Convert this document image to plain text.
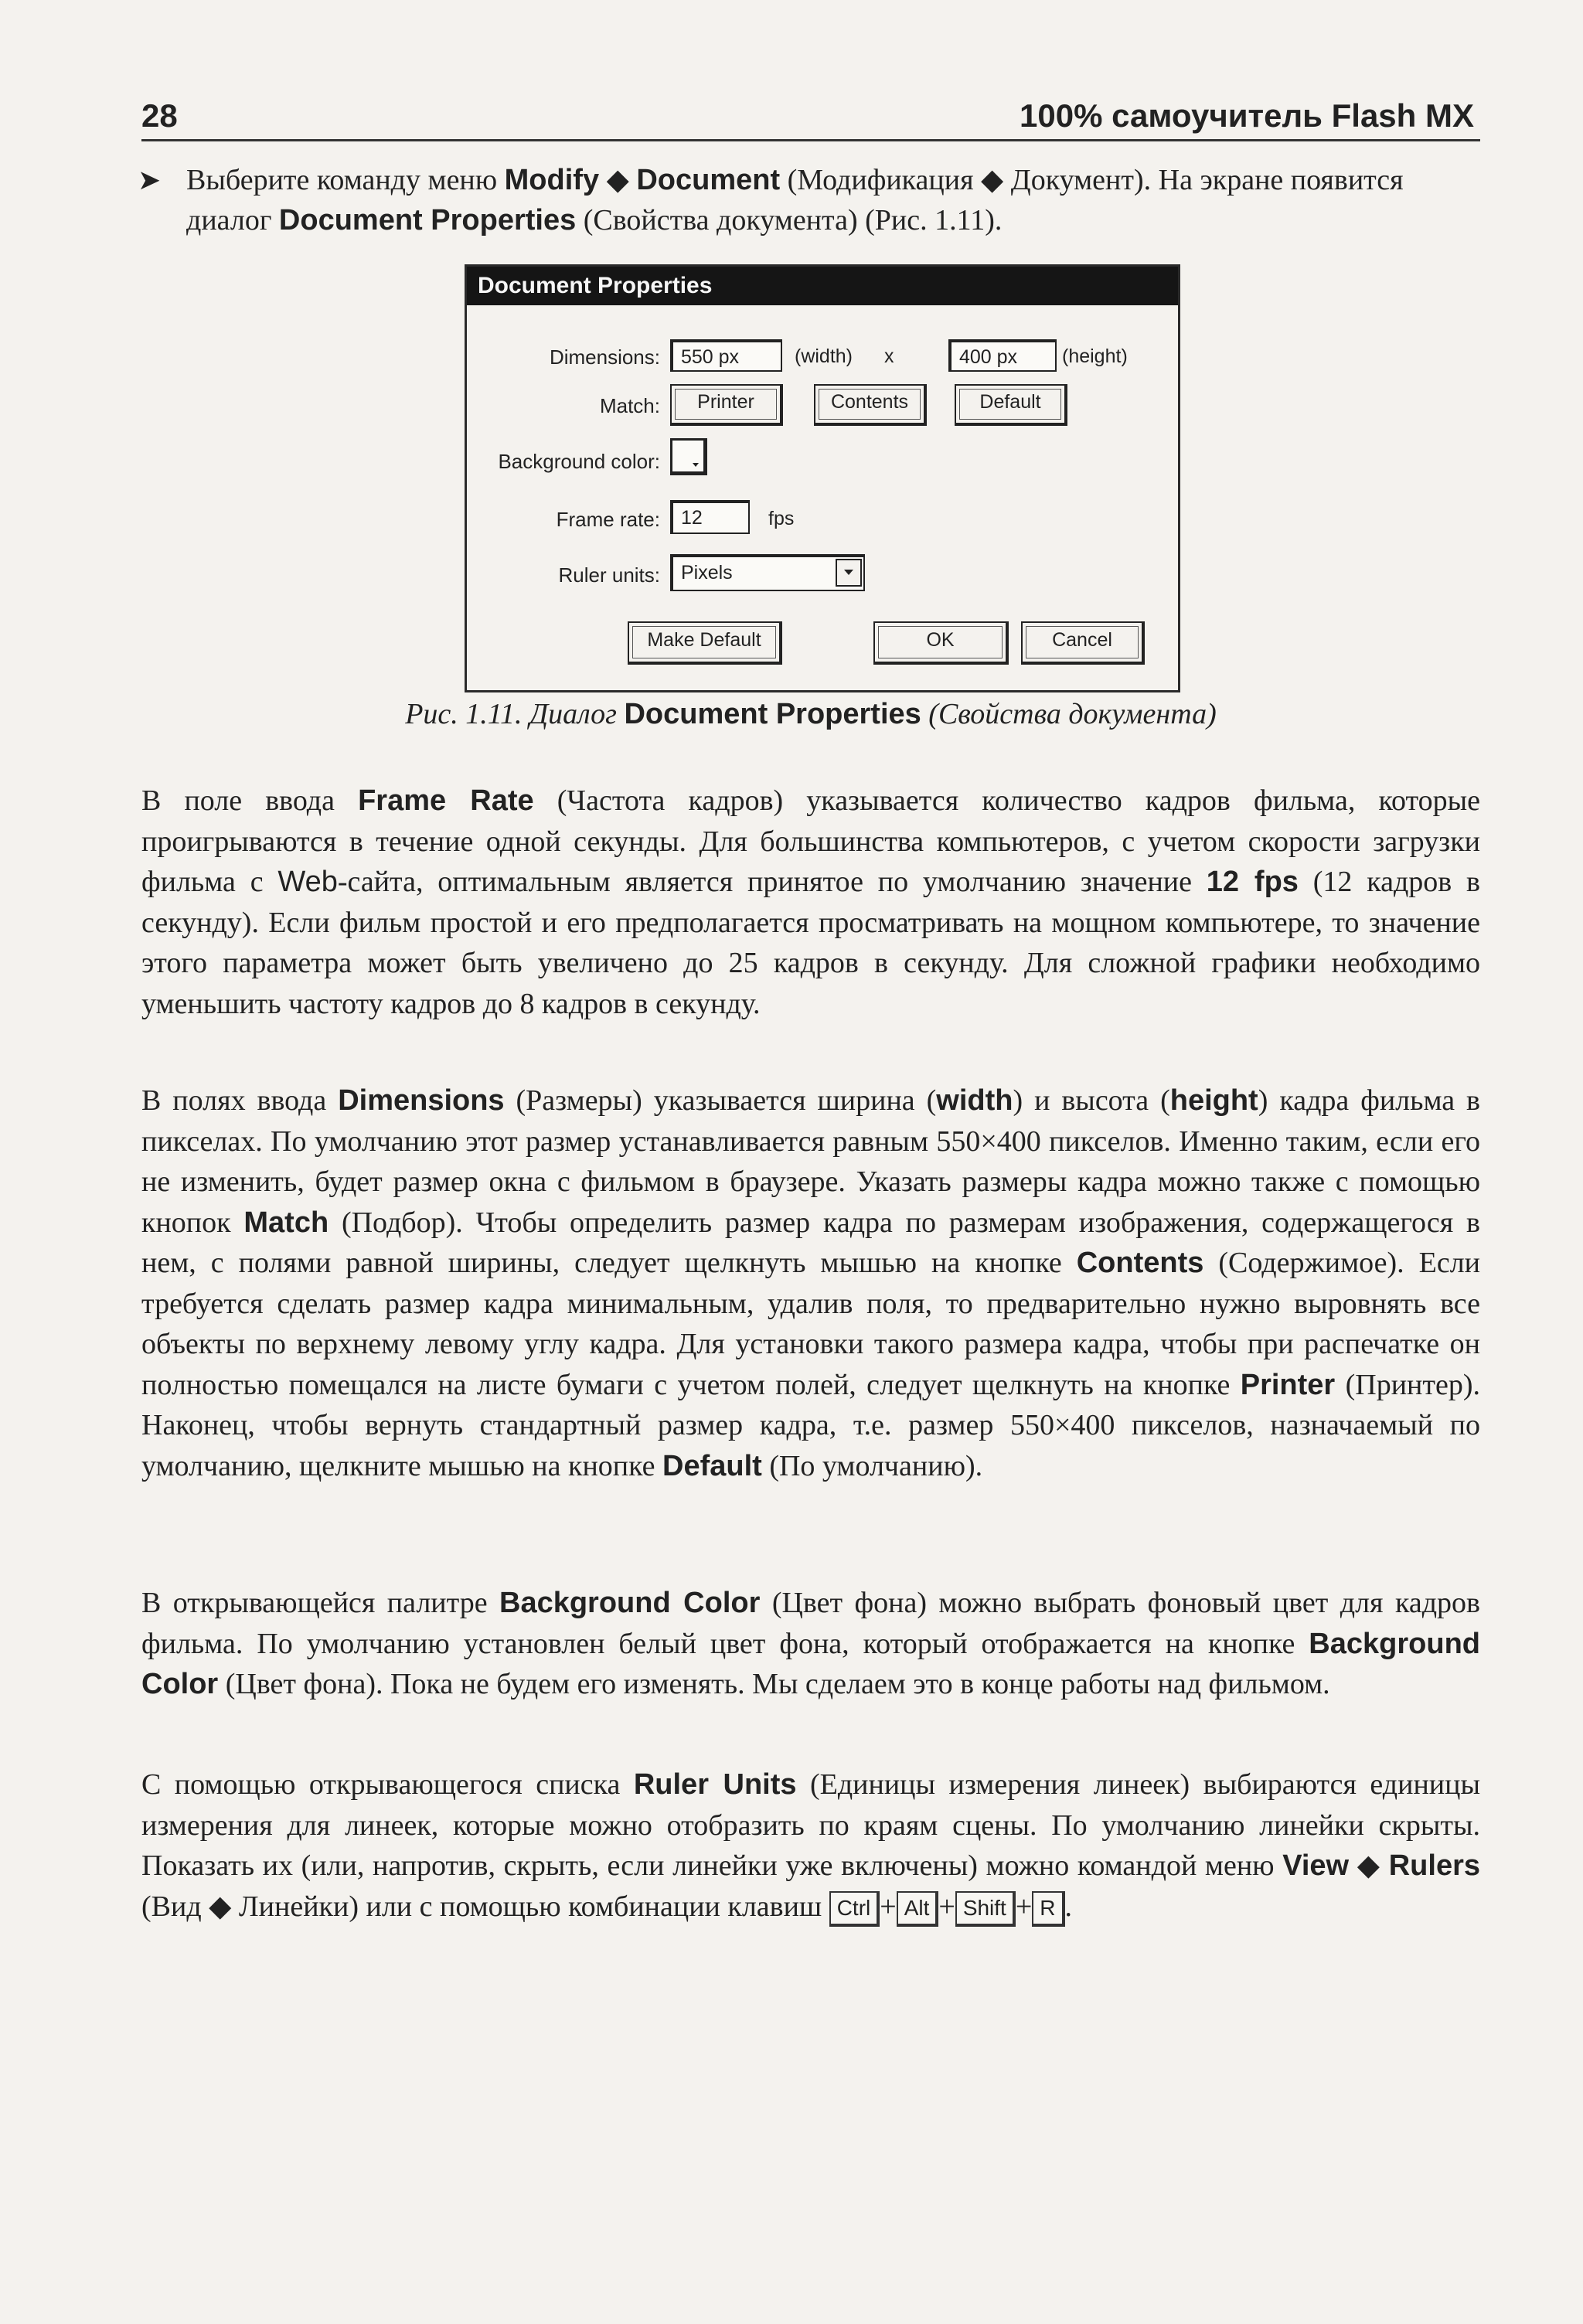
28	100% самоучитель Flash MX
➤ Выберите команду меню Modify ◆ Document (Модификация ◆ Документ). На экране появится диалог Document Properties (Свойства документа) (Рис. 1.11).
Document Properties
Dimensions:	550 px	(width) x	400 px	(height)
Match:	Printer	Contents	Default
Background color:
Frame rate:	12	fps
Ruler units:	Pixels
Make Default	OK	Cancel
Рис. 1.11. Диалог Document Properties (Свойства документа)
В поле ввода Frame Rate (Частота кадров) указывается количество кадров фильма, которые проигрываются в течение одной секунды. Для большинства компьютеров, с учетом скорости загрузки фильма с Web-сайта, оптимальным является принятое по умолчанию значение 12 fps (12 кадров в секунду). Если фильм простой и его предполагается просматривать на мощном компьютере, то значение этого параметра может быть увеличено до 25 кадров в секунду. Для сложной графики необходимо уменьшить частоту кадров до 8 кадров в секунду.
В полях ввода Dimensions (Размеры) указывается ширина (width) и высота (height) кадра фильма в пикселах. По умолчанию этот размер устанавливается равным 550×400 пикселов. Именно таким, если его не изменить, будет размер окна с фильмом в браузере. Указать размеры кадра можно также с помощью кнопок Match (Подбор). Чтобы определить размер кадра по размерам изображения, содержащегося в нем, с полями равной ширины, следует щелкнуть мышью на кнопке Contents (Содержимое). Если требуется сделать размер кадра минимальным, удалив поля, то предварительно нужно выровнять все объекты по верхнему левому углу кадра. Для установки такого размера кадра, чтобы при распечатке он полностью помещался на листе бумаги с учетом полей, следует щелкнуть на кнопке Printer (Принтер). Наконец, чтобы вернуть стандартный размер кадра, т.е. размер 550×400 пикселов, назначаемый по умолчанию, щелкните мышью на кнопке Default (По умолчанию).
В открывающейся палитре Background Color (Цвет фона) можно выбрать фоновый цвет для кадров фильма. По умолчанию установлен белый цвет фона, который отображается на кнопке Background Color (Цвет фона). Пока не будем его изменять. Мы сделаем это в конце работы над фильмом.
С помощью открывающегося списка Ruler Units (Единицы измерения линеек) выбираются единицы измерения для линеек, которые можно отобразить по краям сцены. По умолчанию линейки скрыты. Показать их (или, напротив, скрыть, если линейки уже включены) можно командой меню View ◆ Rulers (Вид ◆ Линейки) или с помощью комбинации клавиш Ctrl + Alt + Shift + R .
